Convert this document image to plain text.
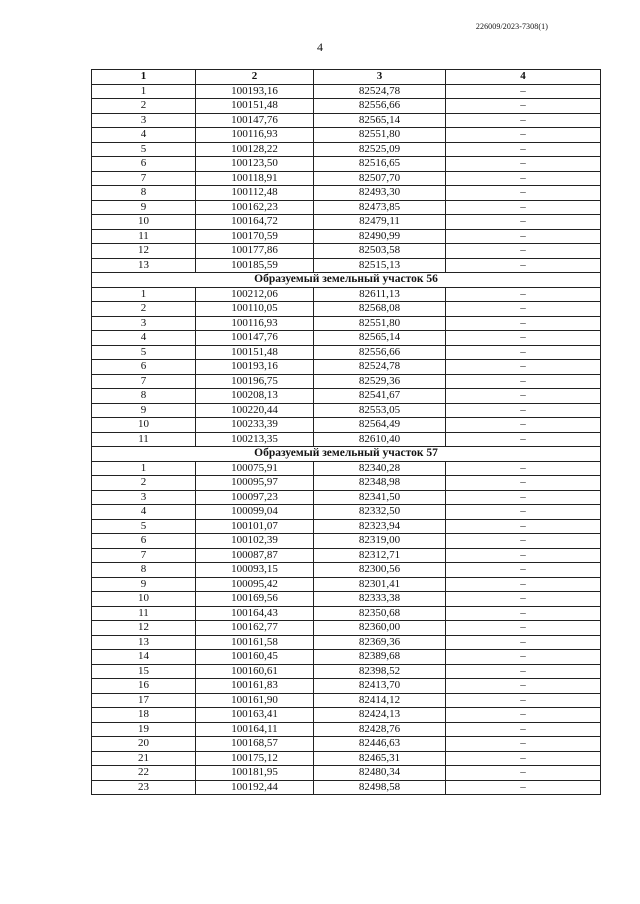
226009/2023-7308(1)
4
1	2	3	4
1	100193,16	82524,78	–
2	100151,48	82556,66	–
3	100147,76	82565,14	–
4	100116,93	82551,80	–
5	100128,22	82525,09	–
6	100123,50	82516,65	–
7	100118,91	82507,70	–
8	100112,48	82493,30	–
9	100162,23	82473,85	–
10	100164,72	82479,11	–
11	100170,59	82490,99	–
12	100177,86	82503,58	–
13	100185,59	82515,13	–
Образуемый земельный участок 56			
1	100212,06	82611,13	–
2	100110,05	82568,08	–
3	100116,93	82551,80	–
4	100147,76	82565,14	–
5	100151,48	82556,66	–
6	100193,16	82524,78	–
7	100196,75	82529,36	–
8	100208,13	82541,67	–
9	100220,44	82553,05	–
10	100233,39	82564,49	–
11	100213,35	82610,40	–
Образуемый земельный участок 57			
1	100075,91	82340,28	–
2	100095,97	82348,98	–
3	100097,23	82341,50	–
4	100099,04	82332,50	–
5	100101,07	82323,94	–
6	100102,39	82319,00	–
7	100087,87	82312,71	–
8	100093,15	82300,56	–
9	100095,42	82301,41	–
10	100169,56	82333,38	–
11	100164,43	82350,68	–
12	100162,77	82360,00	–
13	100161,58	82369,36	–
14	100160,45	82389,68	–
15	100160,61	82398,52	–
16	100161,83	82413,70	–
17	100161,90	82414,12	–
18	100163,41	82424,13	–
19	100164,11	82428,76	–
20	100168,57	82446,63	–
21	100175,12	82465,31	–
22	100181,95	82480,34	–
23	100192,44	82498,58	–
